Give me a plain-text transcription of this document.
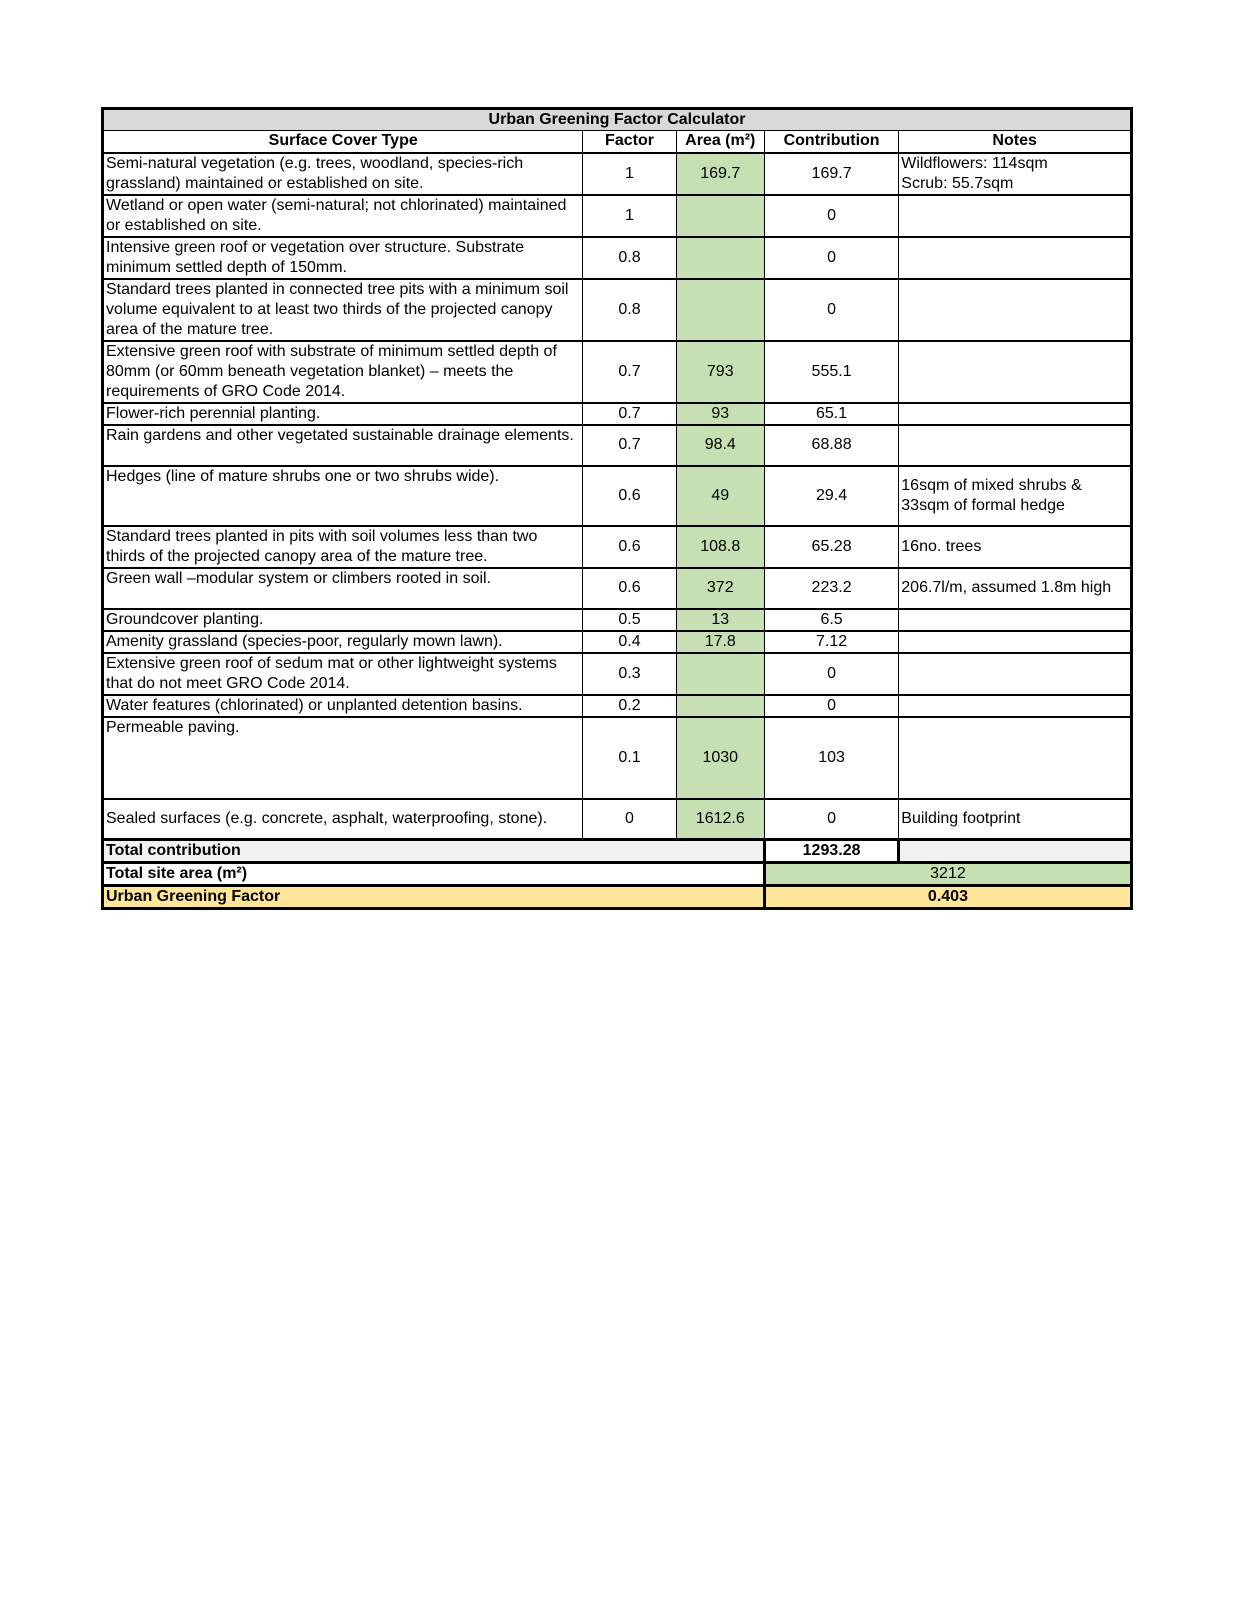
Urban Greening Factor Calculator				
Surface Cover Type	Factor	Area (m²)	Contribution	Notes
Semi-natural vegetation (e.g. trees, woodland, species-rich grassland) maintained or established on site.	1	169.7	169.7	Wildflowers: 114sqm
Scrub: 55.7sqm

Wetland or open water (semi-natural; not chlorinated) maintained or established on site.	1		0	

Intensive green roof or vegetation over structure. Substrate minimum settled depth of 150mm.	0.8		0	

Standard trees planted in connected tree pits with a minimum soil volume equivalent to at least two thirds of the projected canopy area of the mature tree.	0.8		0	

Extensive green roof with substrate of minimum settled depth of 80mm (or 60mm beneath vegetation blanket) – meets the requirements of GRO Code 2014.	0.7	793	555.1	

Flower-rich perennial planting.	0.7	93	65.1	

Rain gardens and other vegetated sustainable drainage elements.	0.7	98.4	68.88	

Hedges (line of mature shrubs one or two shrubs wide).	0.6	49	29.4	16sqm of mixed shrubs &
33sqm of formal hedge

Standard trees planted in pits with soil volumes less than two thirds of the projected canopy area of the mature tree.	0.6	108.8	65.28	16no. trees

Green wall –modular system or climbers rooted in soil.	0.6	372	223.2	206.7l/m, assumed 1.8m high

Groundcover planting.	0.5	13	6.5	

Amenity grassland (species-poor, regularly mown lawn).	0.4	17.8	7.12	

Extensive green roof of sedum mat or other lightweight systems that do not meet GRO Code 2014.	0.3		0	

Water features (chlorinated) or unplanted detention basins.	0.2		0	

Permeable paving.	0.1	1030	103	

Sealed surfaces (e.g. concrete, asphalt, waterproofing, stone).	0	1612.6	0	Building footprint

Total contribution			1293.28	
Total site area (m²)			3212	
Urban Greening Factor			0.403	
